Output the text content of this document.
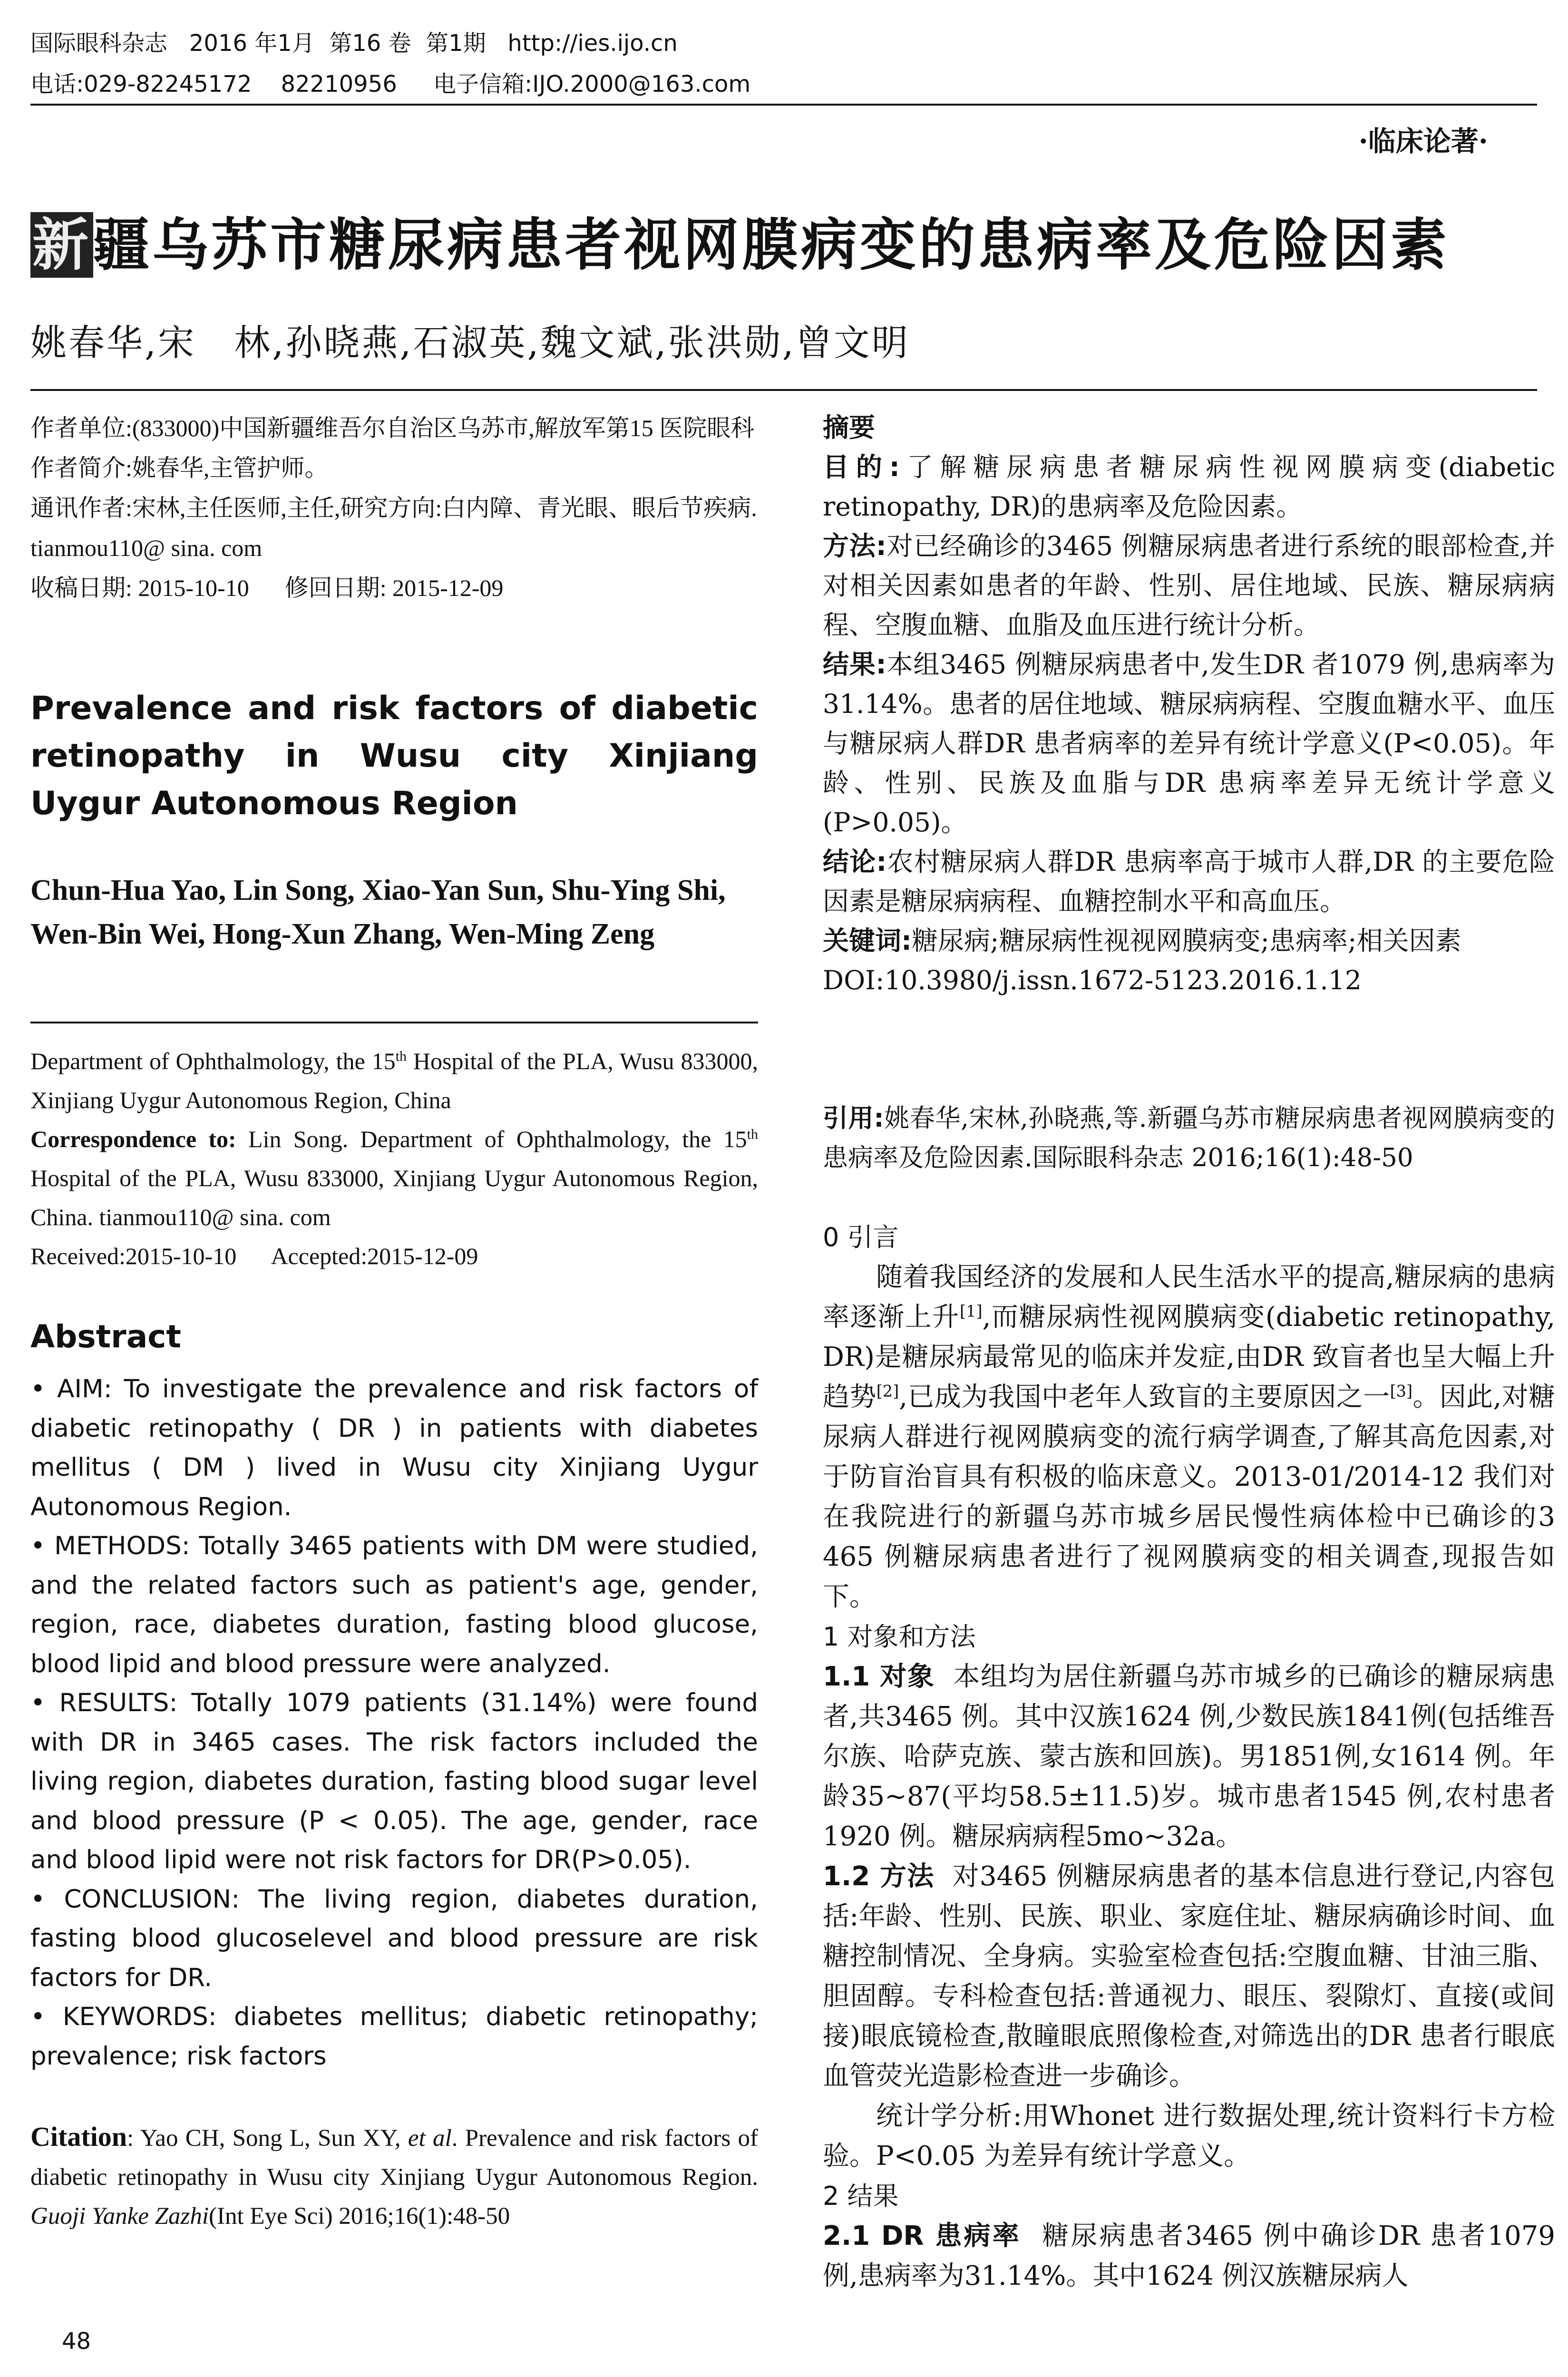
国际眼科杂志   2016 年1月  第16 卷  第1期   http://ies.ijo.cn
电话:029-82245172    82210956     电子信箱:IJO.2000@163.com
·临床论著·
新疆乌苏市糖尿病患者视网膜病变的患病率及危险因素
姚春华,宋　林,孙晓燕,石淑英,魏文斌,张洪勋,曾文明
作者单位:(833000)中国新疆维吾尔自治区乌苏市,解放军第15 医院眼科
作者简介:姚春华,主管护师。
通讯作者:宋林,主任医师,主任,研究方向:白内障、青光眼、眼后节疾病. tianmou110@ sina. com
收稿日期: 2015-10-10      修回日期: 2015-12-09
Prevalence and risk factors of diabetic retinopathy in Wusu city Xinjiang Uygur Autonomous Region
Chun-Hua Yao, Lin Song, Xiao-Yan Sun, Shu-Ying Shi, Wen-Bin Wei, Hong-Xun Zhang, Wen-Ming Zeng
Department of Ophthalmology, the 15th Hospital of the PLA, Wusu 833000, Xinjiang Uygur Autonomous Region, China
Correspondence to: Lin Song. Department of Ophthalmology, the 15th Hospital of the PLA, Wusu 833000, Xinjiang Uygur Autonomous Region, China. tianmou110@ sina. com
Received:2015-10-10      Accepted:2015-12-09
Abstract

• AIM: To investigate the prevalence and risk factors of diabetic retinopathy ( DR ) in patients with diabetes mellitus ( DM ) lived in Wusu city Xinjiang Uygur Autonomous Region.

• METHODS: Totally 3465 patients with DM were studied, and the related factors such as patient's age, gender, region, race, diabetes duration, fasting blood glucose, blood lipid and blood pressure were analyzed.

• RESULTS: Totally 1079 patients (31.14%) were found with DR in 3465 cases. The risk factors included the living region, diabetes duration, fasting blood sugar level and blood pressure (P < 0.05). The age, gender, race and blood lipid were not risk factors for DR(P>0.05).

• CONCLUSION: The living region, diabetes duration, fasting blood glucoselevel and blood pressure are risk factors for DR.

• KEYWORDS: diabetes mellitus; diabetic retinopathy; prevalence; risk factors

Citation: Yao CH, Song L, Sun XY, et al. Prevalence and risk factors of diabetic retinopathy in Wusu city Xinjiang Uygur Autonomous Region. Guoji Yanke Zazhi(Int Eye Sci) 2016;16(1):48-50
48

摘要

目的:了解糖尿病患者糖尿病性视网膜病变(diabetic retinopathy, DR)的患病率及危险因素。

方法:对已经确诊的3465 例糖尿病患者进行系统的眼部检查,并对相关因素如患者的年龄、性别、居住地域、民族、糖尿病病程、空腹血糖、血脂及血压进行统计分析。

结果:本组3465 例糖尿病患者中,发生DR 者1079 例,患病率为31.14%。患者的居住地域、糖尿病病程、空腹血糖水平、血压与糖尿病人群DR 患者病率的差异有统计学意义(P<0.05)。年龄、性别、民族及血脂与DR 患病率差异无统计学意义(P>0.05)。

结论:农村糖尿病人群DR 患病率高于城市人群,DR 的主要危险因素是糖尿病病程、血糖控制水平和高血压。

关键词:糖尿病;糖尿病性视视网膜病变;患病率;相关因素

DOI:10.3980/j.issn.1672-5123.2016.1.12

引用:姚春华,宋林,孙晓燕,等.新疆乌苏市糖尿病患者视网膜病变的患病率及危险因素.国际眼科杂志 2016;16(1):48-50

0 引言

随着我国经济的发展和人民生活水平的提高,糖尿病的患病率逐渐上升[1],而糖尿病性视网膜病变(diabetic retinopathy, DR)是糖尿病最常见的临床并发症,由DR 致盲者也呈大幅上升趋势[2],已成为我国中老年人致盲的主要原因之一[3]。因此,对糖尿病人群进行视网膜病变的流行病学调查,了解其高危因素,对于防盲治盲具有积极的临床意义。2013-01/2014-12 我们对在我院进行的新疆乌苏市城乡居民慢性病体检中已确诊的3 465 例糖尿病患者进行了视网膜病变的相关调查,现报告如下。

1 对象和方法

1.1 对象 本组均为居住新疆乌苏市城乡的已确诊的糖尿病患者,共3465 例。其中汉族1624 例,少数民族1841例(包括维吾尔族、哈萨克族、蒙古族和回族)。男1851例,女1614 例。年龄35~87(平均58.5±11.5)岁。城市患者1545 例,农村患者1920 例。糖尿病病程5mo~32a。

1.2 方法 对3465 例糖尿病患者的基本信息进行登记,内容包括:年龄、性别、民族、职业、家庭住址、糖尿病确诊时间、血糖控制情况、全身病。实验室检查包括:空腹血糖、甘油三脂、胆固醇。专科检查包括:普通视力、眼压、裂隙灯、直接(或间接)眼底镜检查,散瞳眼底照像检查,对筛选出的DR 患者行眼底血管荧光造影检查进一步确诊。

统计学分析:用Whonet 进行数据处理,统计资料行卡方检验。P<0.05 为差异有统计学意义。

2 结果

2.1 DR 患病率 糖尿病患者3465 例中确诊DR 患者1079 例,患病率为31.14%。其中1624 例汉族糖尿病人
